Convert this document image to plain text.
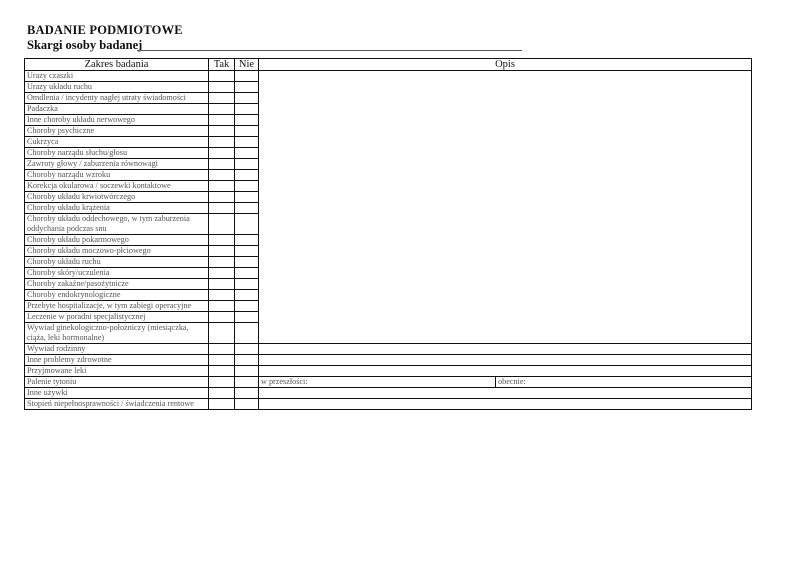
BADANIE PODMIOTOWE
Skargi osoby badanej
Zakres badania	Tak	Nie	Opis	
Urazy czaszki				
Urazy układu ruchu				
Omdlenia / incydenty nagłej utraty świadomości				
Padaczka				
Inne choroby układu nerwowego				
Choroby psychiczne				
Cukrzyca				
Choroby narządu słuchu/głosu				
Zawroty głowy / zaburzenia równowagi				
Choroby narządu wzroku				
Korekcja okularowa / soczewki kontaktowe				
Choroby układu krwiotwórczego				
Choroby układu krążenia				
Choroby układu oddechowego, w tym zaburzenia oddychania podczas snu				
Choroby układu pokarmowego				
Choroby układu moczowo-płciowego				
Choroby układu ruchu				
Choroby skóry/uczulenia				
Choroby zakaźne/pasożytnicze				
Choroby endokrynologiczne				
Przebyte hospitalizacje, w tym zabiegi operacyjne				
Leczenie w poradni specjalistycznej				
Wywiad ginekologiczno-położniczy (miesiączka, ciąża, leki hormonalne)				
Wywiad rodzinny				
Inne problemy zdrowotne				
Przyjmowane leki				
Palenie tytoniu			w przeszłości:	obecnie:
Inne używki				
Stopień niepełnosprawności / świadczenia rentowe				
